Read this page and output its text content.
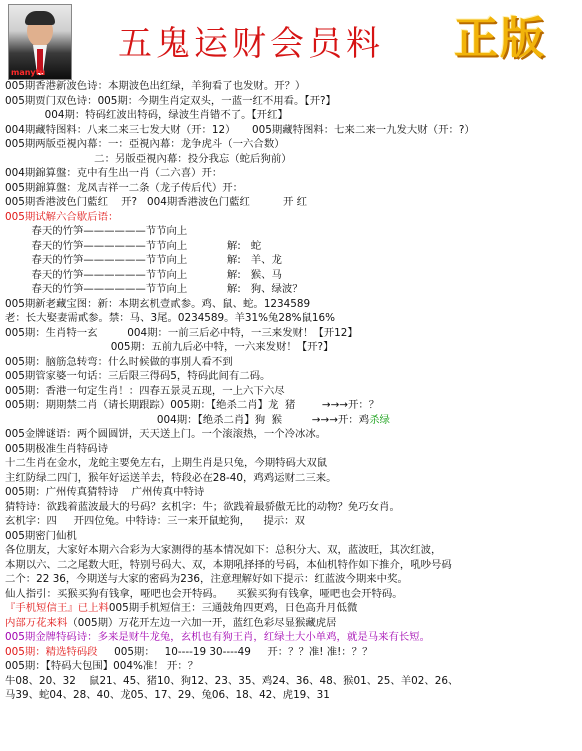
manytu
五鬼运财会员料 正版
005期香港新波色诗：本期波色出红绿，羊狗看了也发财。开？）
005期贾门双色诗：005期：今期生肖定双头，一蓝一红不用看。【开?】
004期：特码红波出特码，绿波生肖错不了。【开红】
004期藏特图料：八来二来三七发大财（开：12）     005期藏特图料：七来二来一九发大财（开：?）
005期两版亞視內幕：一：亞視內幕：龙争虎斗（一六合数）
二：另版亞視內幕：投分我忘（蛇后狗前）
004期錦算盤：克中有生出一肖（二六喜）开：
005期錦算盤：龙凤吉祥一二条（龙子传后代）开：
005期香港波色门藍红    开?   004期香港波色门藍红          开 红
005期试解六合歇后语：
春天的竹笋——————节节向上
春天的竹笋——————节节向上            解:   蛇
春天的竹笋——————节节向上            解:   羊、龙
春天的竹笋——————节节向上            解:   猴、马
春天的竹笋——————节节向上            解:   狗、绿波？
005期新老藏宝图：新：本期玄机壹貳参。鸡、鼠、蛇。1234589
老：长大娶妻需貳参。禁：马、3尾。0234589。羊31%兔28%鼠16%
005期：生肖特一玄         004期：一前三后必中特，一三来发财！【开12】
005期：五前九后必中特，一六来发财！【开?】
005期：脑筋急转弯：什么时候做的事別人看不到
005期管家婆一句话：三后限三得码5，特码此间有二码。
005期：香港一句定生肖！：四春五景灵五现，一上六下六尽
005期：期期禁二肖（请长期跟踪）005期：【绝杀二肖】龙  猪        →→→开：？
004期：【绝杀二肖】狗  猴         →→→开：鸡杀绿
005金牌谜语：两个圆圆饼，天天送上门。一个滚滚热，一个冷冰冰。
005期极准生肖特码诗
十二生肖在金水，龙蛇主要免左右，上期生肖是只兔，今期特码大双鼠
主红防绿二四门，猴年好运送羊去，特段必在28-40，鸡鸡运财二三来。
005期：广州传真猜特诗    广州传真中特诗
猜特诗：欲践着蓝波最大的号码？玄机字：牛；欲践着最骄傲无比的动物？免巧女肖。
玄机字：四     开四位兔。中特诗：三一来开鼠蛇狗，    提示：双
005期密门仙机
各位朋友，大家好本期六合彩为大家测得的基本情况如下：总积分大、双，蓝波旺，其次红波，
本期以六、二之尾数大旺，特别号码大、双，本期吼择择的号码，本仙机特作如下推介，吼吵号码
二个：22 36，今期送与大家的密码为236，注意理解好如下提示：红蓝波今期来中奖。
仙人指引：买猴买狗有钱拿，哑吧也会开特码。    买猴买狗有钱拿，哑吧也会开特码。
『手机短信王』已上料005期手机短信王：三通鼓角四更鸡，日色高升月低微
内部万花来料（005期）万花开左边一六加一开，蓝红色彩尽显猴藏虎居
005期金牌特码诗：多来是财牛龙兔，玄机也有狗王肖，红绿土大小单鸡，就是马来有长短。
005期：精选特码段     005期：   10----19 30----49     开：？？准! 准!：？？
005期：【特码大包围】004%准！ 开：？
牛08、20、32    鼠21、45、猪10、狗12、23、35、鸡24、36、48、猴01、25、羊02、26、
马39、蛇04、28、40、龙05、17、29、兔06、18、42、虎19、31
